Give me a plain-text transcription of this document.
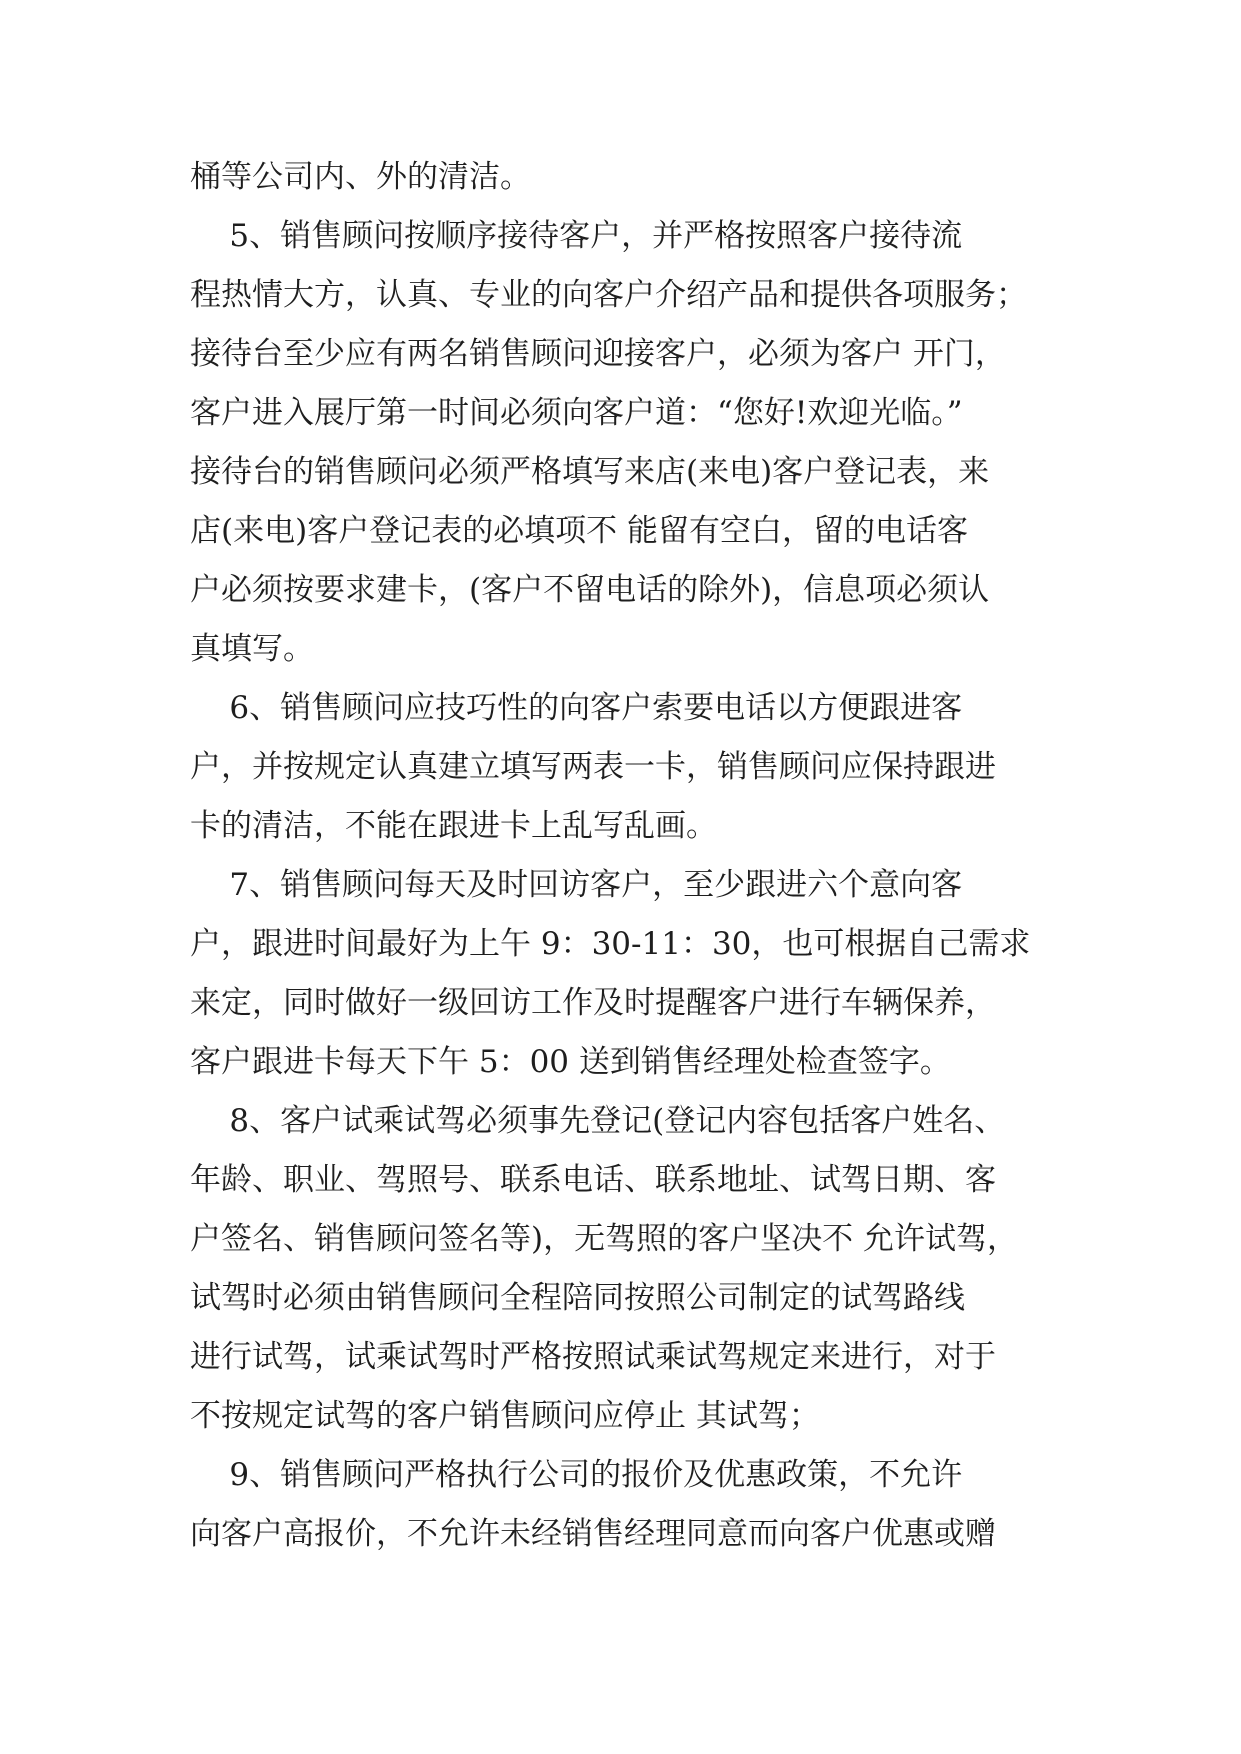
桶等公司内、外的清洁。
5、销售顾问按顺序接待客户，并严格按照客户接待流
程热情大方，认真、专业的向客户介绍产品和提供各项服务；
接待台至少应有两名销售顾问迎接客户，必须为客户 开门，
客户进入展厅第一时间必须向客户道：“您好!欢迎光临。”
接待台的销售顾问必须严格填写来店(来电)客户登记表，来
店(来电)客户登记表的必填项不 能留有空白，留的电话客
户必须按要求建卡，(客户不留电话的除外)，信息项必须认
真填写。
6、销售顾问应技巧性的向客户索要电话以方便跟进客
户，并按规定认真建立填写两表一卡，销售顾问应保持跟进
卡的清洁，不能在跟进卡上乱写乱画。
7、销售顾问每天及时回访客户，至少跟进六个意向客
户，跟进时间最好为上午 9：30-11：30，也可根据自己需求
来定，同时做好一级回访工作及时提醒客户进行车辆保养，
客户跟进卡每天下午 5：00 送到销售经理处检查签字。
8、客户试乘试驾必须事先登记(登记内容包括客户姓名、
年龄、职业、驾照号、联系电话、联系地址、试驾日期、客
户签名、销售顾问签名等)，无驾照的客户坚决不 允许试驾，
试驾时必须由销售顾问全程陪同按照公司制定的试驾路线
进行试驾，试乘试驾时严格按照试乘试驾规定来进行，对于
不按规定试驾的客户销售顾问应停止 其试驾；
9、销售顾问严格执行公司的报价及优惠政策，不允许
向客户高报价，不允许未经销售经理同意而向客户优惠或赠
